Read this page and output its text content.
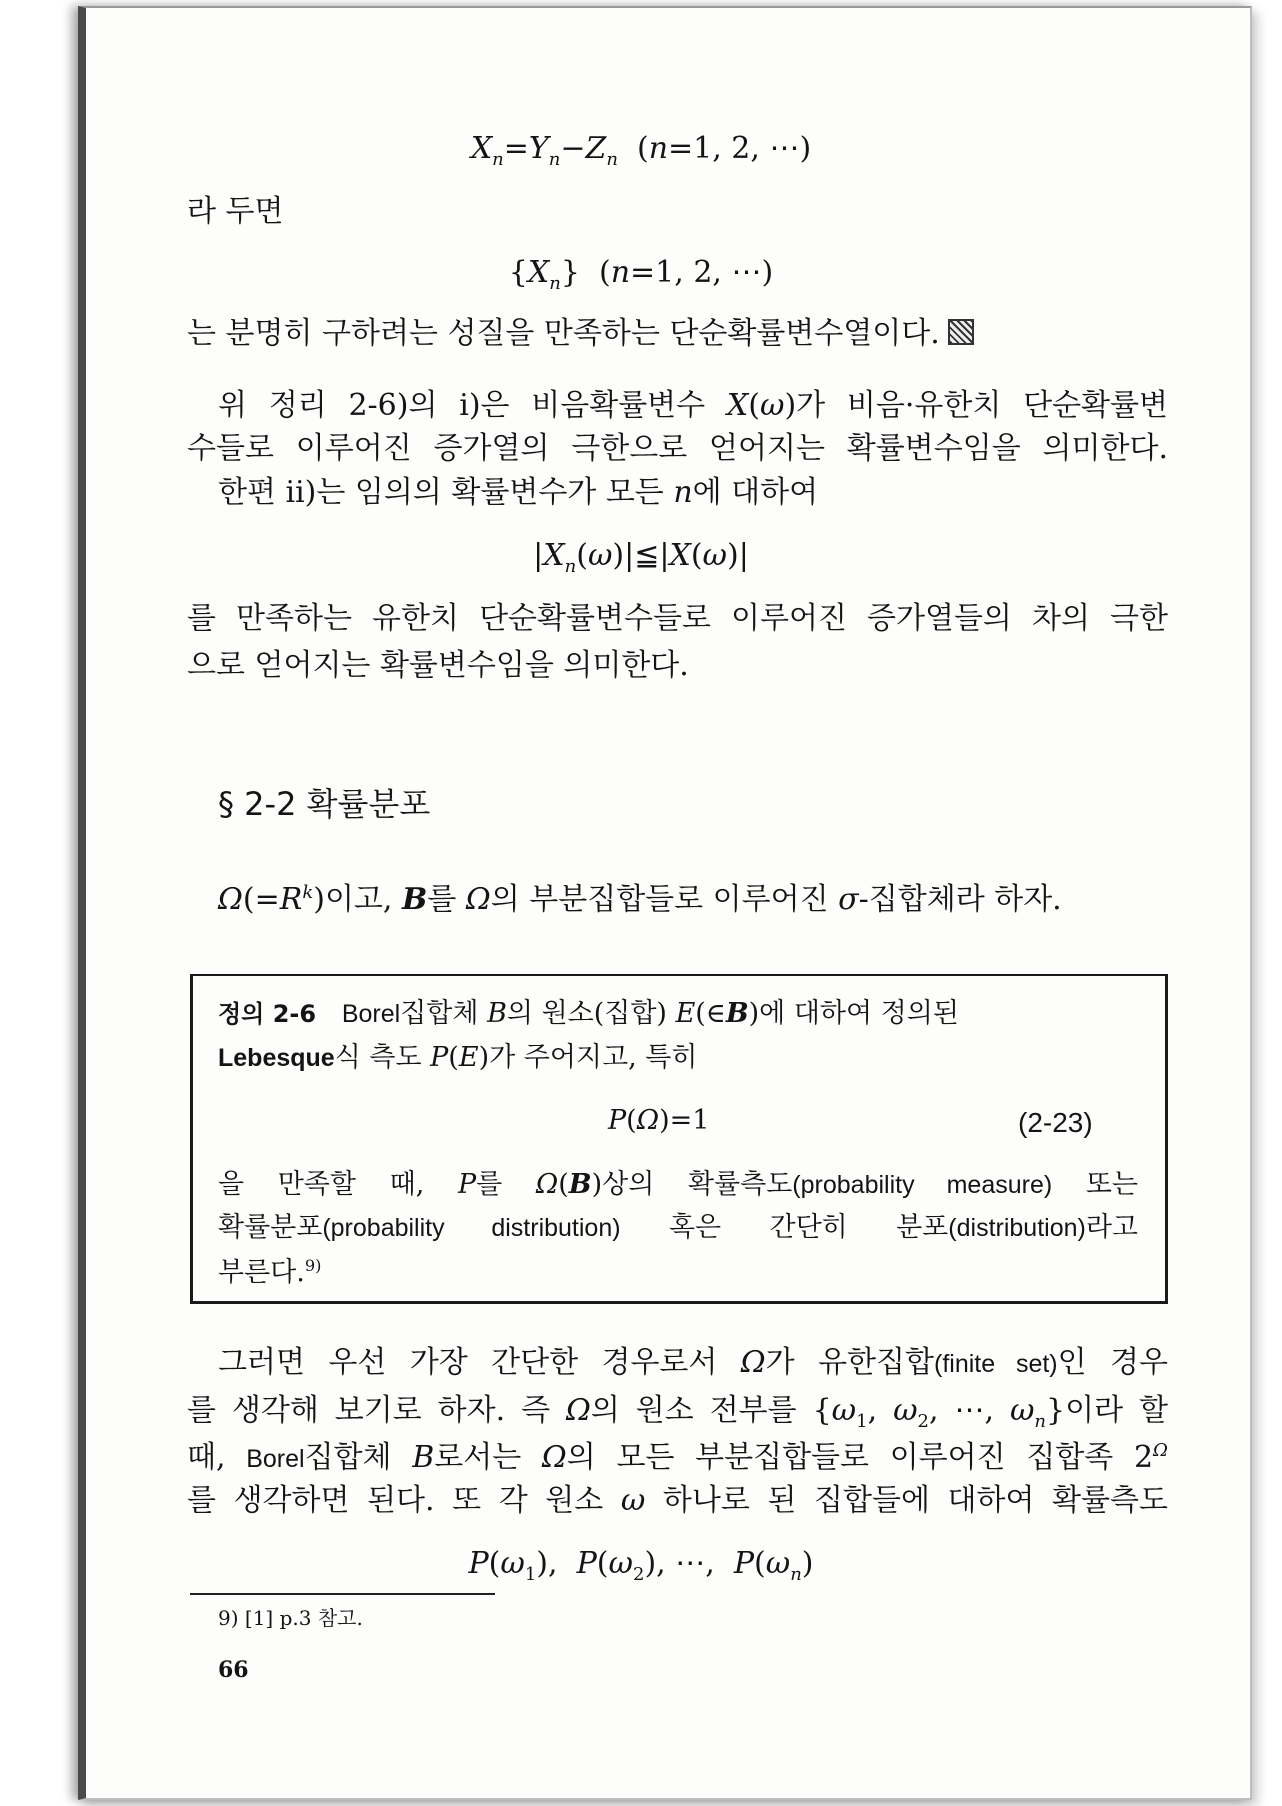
$X_n=Y_n-Z_n$  (n=1, 2, ⋯)
라 두면
$\{X_n\}$  (n=1, 2, ⋯)
는 분명히 구하려는 성질을 만족하는 단순확률변수열이다.
위 정리 2-6)의 i)은 비음확률변수 X(ω)가 비음·유한치 단순확률변
수들로 이루어진 증가열의 극한으로 얻어지는 확률변수임을 의미한다.
한편 ii)는 임의의 확률변수가 모든 n에 대하여
$|X_n(\omega)|≦|X(\omega)|$
를 만족하는 유한치 단순확률변수들로 이루어진 증가열들의 차의 극한
으로 얻어지는 확률변수임을 의미한다.
§ 2-2 확률분포
$\Omega(=R^k)$이고, B를 Ω의 부분집합들로 이루어진 σ-집합체라 하자.
정의 2-6 Borel집합체 B의 원소(집합) E(∈B)에 대하여 정의된
Lebesque식 측도 P(E)가 주어지고, 특히
P(Ω)=1	(2-23)
을 만족할 때, P를 Ω(B)상의 확률측도(probability measure) 또는
확률분포(probability distribution) 혹은 간단히 분포(distribution)라고
부른다.$^{9)}$
그러면 우선 가장 간단한 경우로서 Ω가 유한집합(finite set)인 경우
를 생각해 보기로 하자. 즉 Ω의 원소 전부를 {$\omega_1$, $\omega_2$, ⋯, $\omega_n$}이라 할
때, Borel집합체 B로서는 Ω의 모든 부분집합들로 이루어진 집합족 $2^\Omega$
를 생각하면 된다. 또 각 원소 ω 하나로 된 집합들에 대하여 확률측도
$P(\omega_1)$,  $P(\omega_2)$, ⋯,  $P(\omega_n)$
9) [1] p.3 참고.
66
